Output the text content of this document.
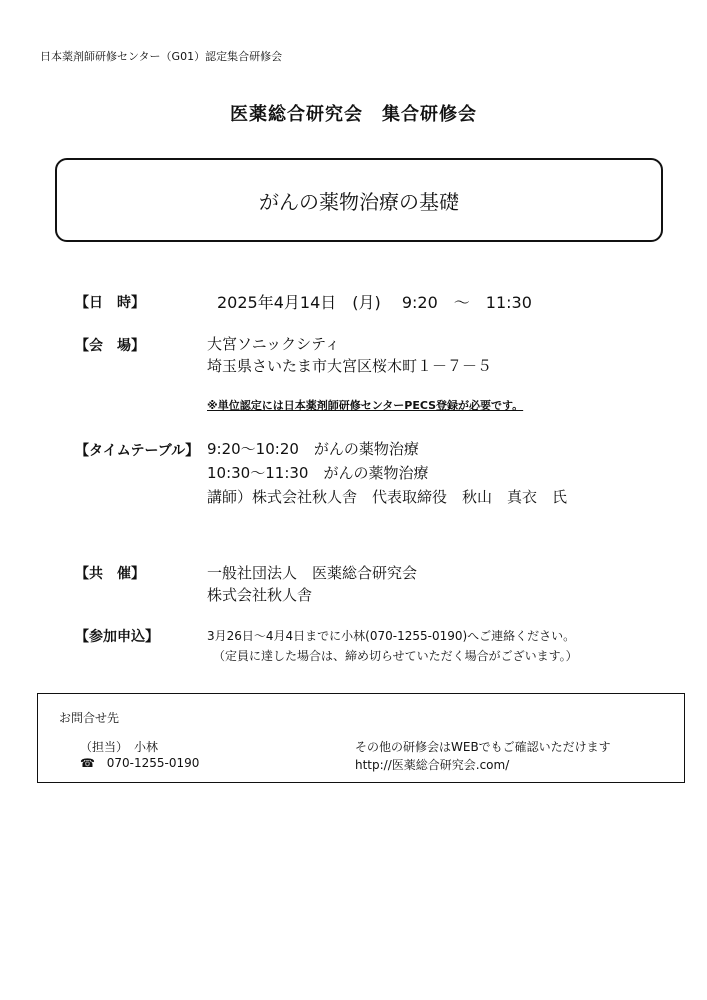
日本薬剤師研修センター（G01）認定集合研修会
医薬総合研究会　集合研修会
がんの薬物治療の基礎
【日　時】	2025年4月14日　(月)　 9:20　～　11:30
【会　場】	大宮ソニックシティ
埼玉県さいたま市大宮区桜木町１－７－５
※単位認定には日本薬剤師研修センターPECS登録が必要です。
【タイムテーブル】 9:20～10:20　がんの薬物治療
10:30～11:30　がんの薬物治療
講師）株式会社秋人舎　代表取締役　秋山　真衣　氏
【共　催】	一般社団法人　医薬総合研究会
株式会社秋人舎
【参加申込】	3月26日～4月4日までに小林(070-1255-0190)へご連絡ください。
（定員に達した場合は、締め切らせていただく場合がございます。）
お問合せ先
（担当）　小林
☎ 070-1255-0190
その他の研修会はWEBでもご確認いただけます
http://医薬総合研究会.com/
